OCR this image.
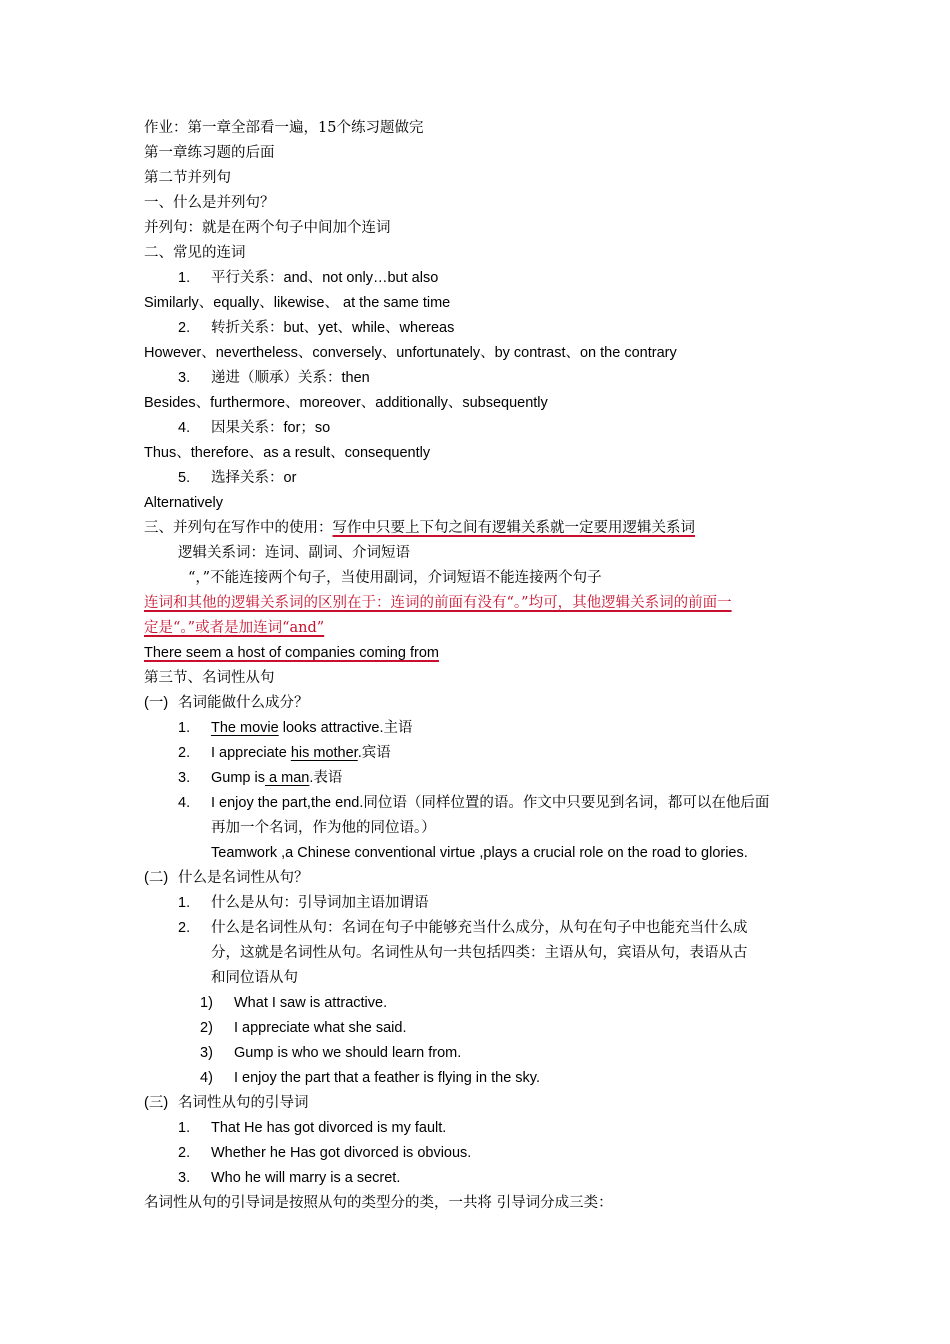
作业：第一章全部看一遍，15个练习题做完
第一章练习题的后面
第二节并列句
一、什么是并列句？
并列句：就是在两个句子中间加个连词
二、常见的连词
1. 平行关系：and、not only…but also
Similarly、equally、likewise、 at the same time
2. 转折关系：but、yet、while、whereas
However、nevertheless、conversely、unfortunately、by contrast、on the contrary
3. 递进（顺承）关系：then
Besides、furthermore、moreover、additionally、subsequently
4. 因果关系：for；so
Thus、therefore、as a result、consequently
5. 选择关系：or
Alternatively
三、并列句在写作中的使用：写作中只要上下句之间有逻辑关系就一定要用逻辑关系词
逻辑关系词：连词、副词、介词短语
“，”不能连接两个句子，当使用副词，介词短语不能连接两个句子
连词和其他的逻辑关系词的区别在于：连词的前面有没有“。”均可，其他逻辑关系词的前面一
定是“。”或者是加连词“and”
There seem a host of companies coming from
第三节、名词性从句
(一) 名词能做什么成分？
1. The movie looks attractive.主语
2. I appreciate his mother.宾语
3. Gump is a man.表语
4. I enjoy the part,the end.同位语（同样位置的语。作文中只要见到名词，都可以在他后面
再加一个名词，作为他的同位语。）
Teamwork ,a Chinese conventional virtue ,plays a crucial role on the road to glories.
(二) 什么是名词性从句？
1. 什么是从句：引导词加主语加谓语
2. 什么是名词性从句：名词在句子中能够充当什么成分，从句在句子中也能充当什么成
分，这就是名词性从句。名词性从句一共包括四类：主语从句，宾语从句，表语从古
和同位语从句
1) What I saw is attractive.
2) I appreciate what she said.
3) Gump is who we should learn from.
4) I enjoy the part that a feather is flying in the sky.
(三) 名词性从句的引导词
1. That He has got divorced is my fault.
2. Whether he Has got divorced is obvious.
3. Who he will marry is a secret.
名词性从句的引导词是按照从句的类型分的类，一共将 引导词分成三类：
